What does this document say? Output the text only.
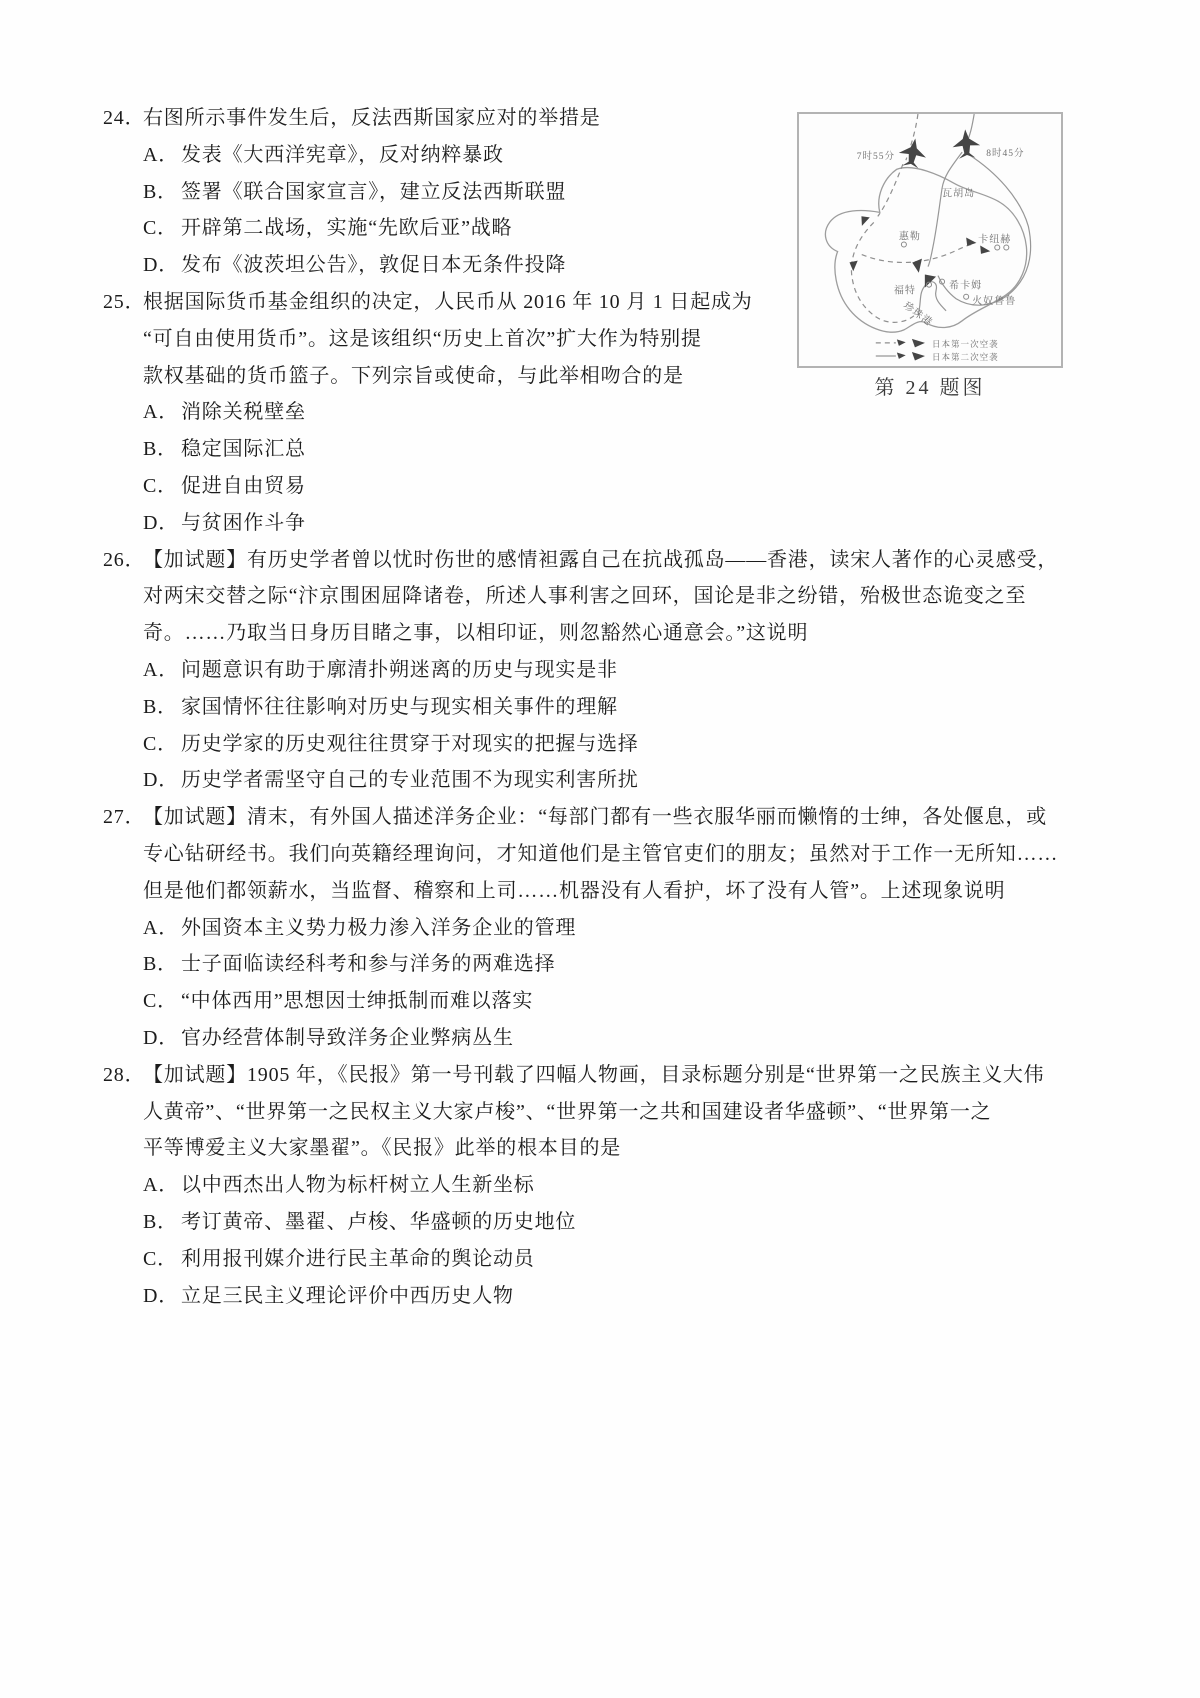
7时55分	8时45分
瓦胡岛
惠勒	卡纽赫
福特	希卡姆
火奴鲁鲁
珍珠港
日本第一次空袭
日本第二次空袭
第 24 题图
24．
右图所示事件发生后，反法西斯国家应对的举措是
A． 发表《大西洋宪章》，反对纳粹暴政
B． 签署《联合国家宣言》，建立反法西斯联盟
C． 开辟第二战场，实施“先欧后亚”战略
D． 发布《波茨坦公告》，敦促日本无条件投降
25．
根据国际货币基金组织的决定，人民币从 2016 年 10 月 1 日起成为
“可自由使用货币”。这是该组织“历史上首次”扩大作为特别提
款权基础的货币篮子。下列宗旨或使命，与此举相吻合的是
A． 消除关税壁垒
B． 稳定国际汇总
C． 促进自由贸易
D． 与贫困作斗争
26．
【加试题】有历史学者曾以忧时伤世的感情袒露自己在抗战孤岛——香港，读宋人著作的心灵感受，
对两宋交替之际“汴京围困屈降诸卷，所述人事利害之回环，国论是非之纷错，殆极世态诡变之至
奇。……乃取当日身历目睹之事，以相印证，则忽豁然心通意会。”这说明
A． 问题意识有助于廓清扑朔迷离的历史与现实是非
B． 家国情怀往往影响对历史与现实相关事件的理解
C． 历史学家的历史观往往贯穿于对现实的把握与选择
D． 历史学者需坚守自己的专业范围不为现实利害所扰
27．
【加试题】清末，有外国人描述洋务企业：“每部门都有一些衣服华丽而懒惰的士绅，各处偃息，或
专心钻研经书。我们向英籍经理询问，才知道他们是主管官吏们的朋友；虽然对于工作一无所知……
但是他们都领薪水，当监督、稽察和上司……机器没有人看护，坏了没有人管”。上述现象说明
A． 外国资本主义势力极力渗入洋务企业的管理
B． 士子面临读经科考和参与洋务的两难选择
C． “中体西用”思想因士绅抵制而难以落实
D． 官办经营体制导致洋务企业弊病丛生
28．
【加试题】1905 年，《民报》第一号刊载了四幅人物画，目录标题分别是“世界第一之民族主义大伟
人黄帝”、“世界第一之民权主义大家卢梭”、“世界第一之共和国建设者华盛顿”、“世界第一之
平等博爱主义大家墨翟”。《民报》此举的根本目的是
A． 以中西杰出人物为标杆树立人生新坐标
B． 考订黄帝、墨翟、卢梭、华盛顿的历史地位
C． 利用报刊媒介进行民主革命的舆论动员
D． 立足三民主义理论评价中西历史人物
